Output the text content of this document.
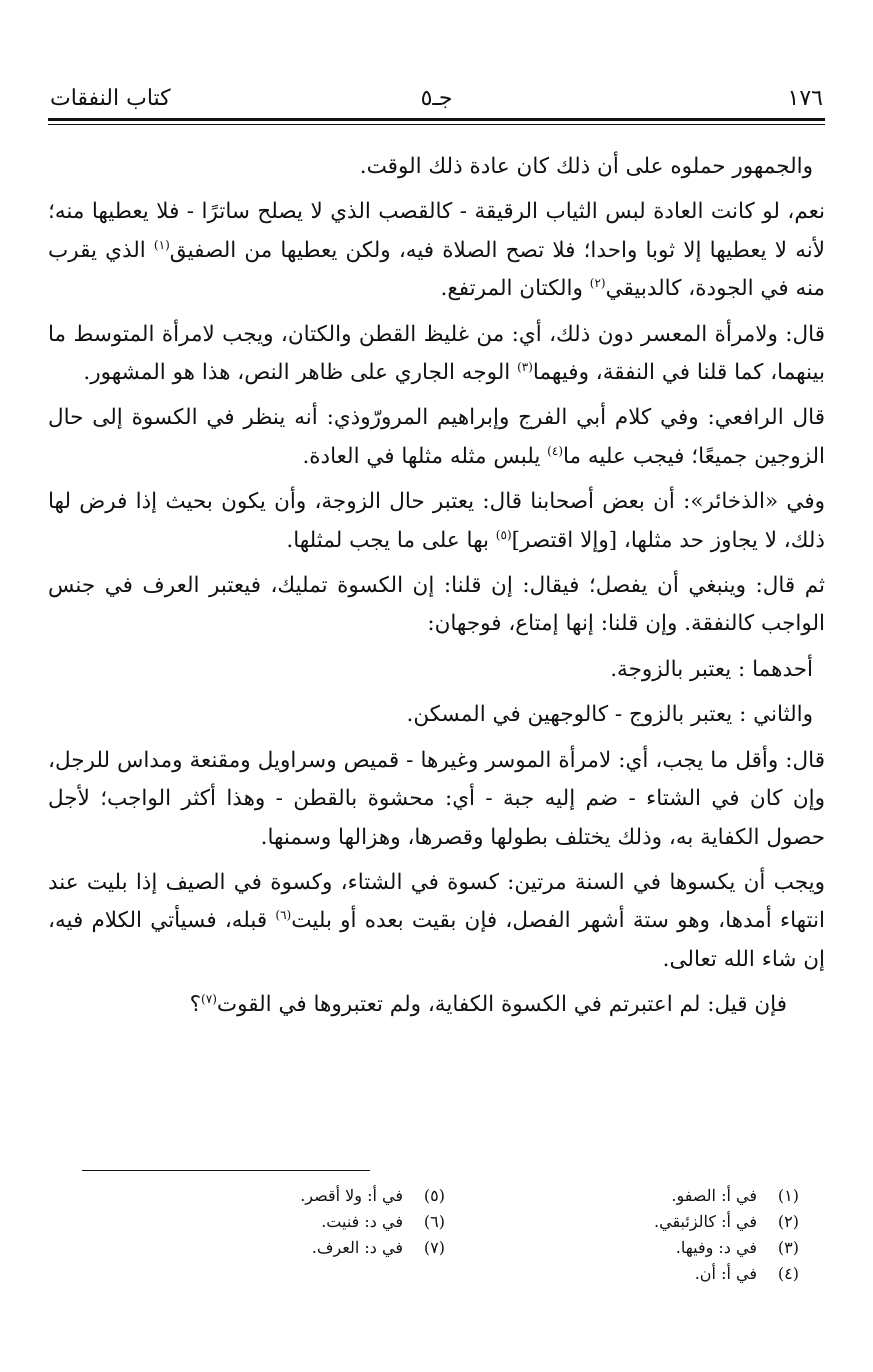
١٧٦
جـ٥
كتاب النفقات

والجمهور حملوه على أن ذلك كان عادة ذلك الوقت.

نعم، لو كانت العادة لبس الثياب الرقيقة - كالقصب الذي لا يصلح ساترًا - فلا يعطيها منه؛ لأنه لا يعطيها إلا ثوبا واحدا؛ فلا تصح الصلاة فيه، ولكن يعطيها من الصفيق$^{(١)}$ الذي يقرب منه في الجودة، كالدبيقي$^{(٢)}$ والكتان المرتفع.

قال: ولامرأة المعسر دون ذلك، أي: من غليظ القطن والكتان، ويجب لامرأة المتوسط ما بينهما، كما قلنا في النفقة، وفيهما$^{(٣)}$ الوجه الجاري على ظاهر النص، هذا هو المشهور.

قال الرافعي: وفي كلام أبي الفرج وإبراهيم المرورّوذي: أنه ينظر في الكسوة إلى حال الزوجين جميعًا؛ فيجب عليه ما$^{(٤)}$ يلبس مثله مثلها في العادة.

وفي «الذخائر»: أن بعض أصحابنا قال: يعتبر حال الزوجة، وأن يكون بحيث إذا فرض لها ذلك، لا يجاوز حد مثلها، [وإلا اقتصر]$^{(٥)}$ بها على ما يجب لمثلها.

ثم قال: وينبغي أن يفصل؛ فيقال: إن قلنا: إن الكسوة تمليك، فيعتبر العرف في جنس الواجب كالنفقة. وإن قلنا: إنها إمتاع، فوجهان:

أحدهما : يعتبر بالزوجة.

والثاني : يعتبر بالزوج - كالوجهين في المسكن.

قال: وأقل ما يجب، أي: لامرأة الموسر وغيرها - قميص وسراويل ومقنعة ومداس للرجل، وإن كان في الشتاء - ضم إليه جبة - أي: محشوة بالقطن - وهذا أكثر الواجب؛ لأجل حصول الكفاية به، وذلك يختلف بطولها وقصرها، وهزالها وسمنها.

ويجب أن يكسوها في السنة مرتين: كسوة في الشتاء، وكسوة في الصيف إذا بليت عند انتهاء أمدها، وهو ستة أشهر الفصل، فإن بقيت بعده أو بليت$^{(٦)}$ قبله، فسيأتي الكلام فيه، إن شاء الله تعالى.

فإن قيل: لم اعتبرتم في الكسوة الكفاية، ولم تعتبروها في القوت$^{(٧)}$؟

(١)في أ: الصفو.
(٢)في أ: كالزئبقي.
(٣)في د: وفيها.
(٤)في أ: أن.
(٥)في أ: ولا أقصر.
(٦)في د: فنيت.
(٧)في د: العرف.
